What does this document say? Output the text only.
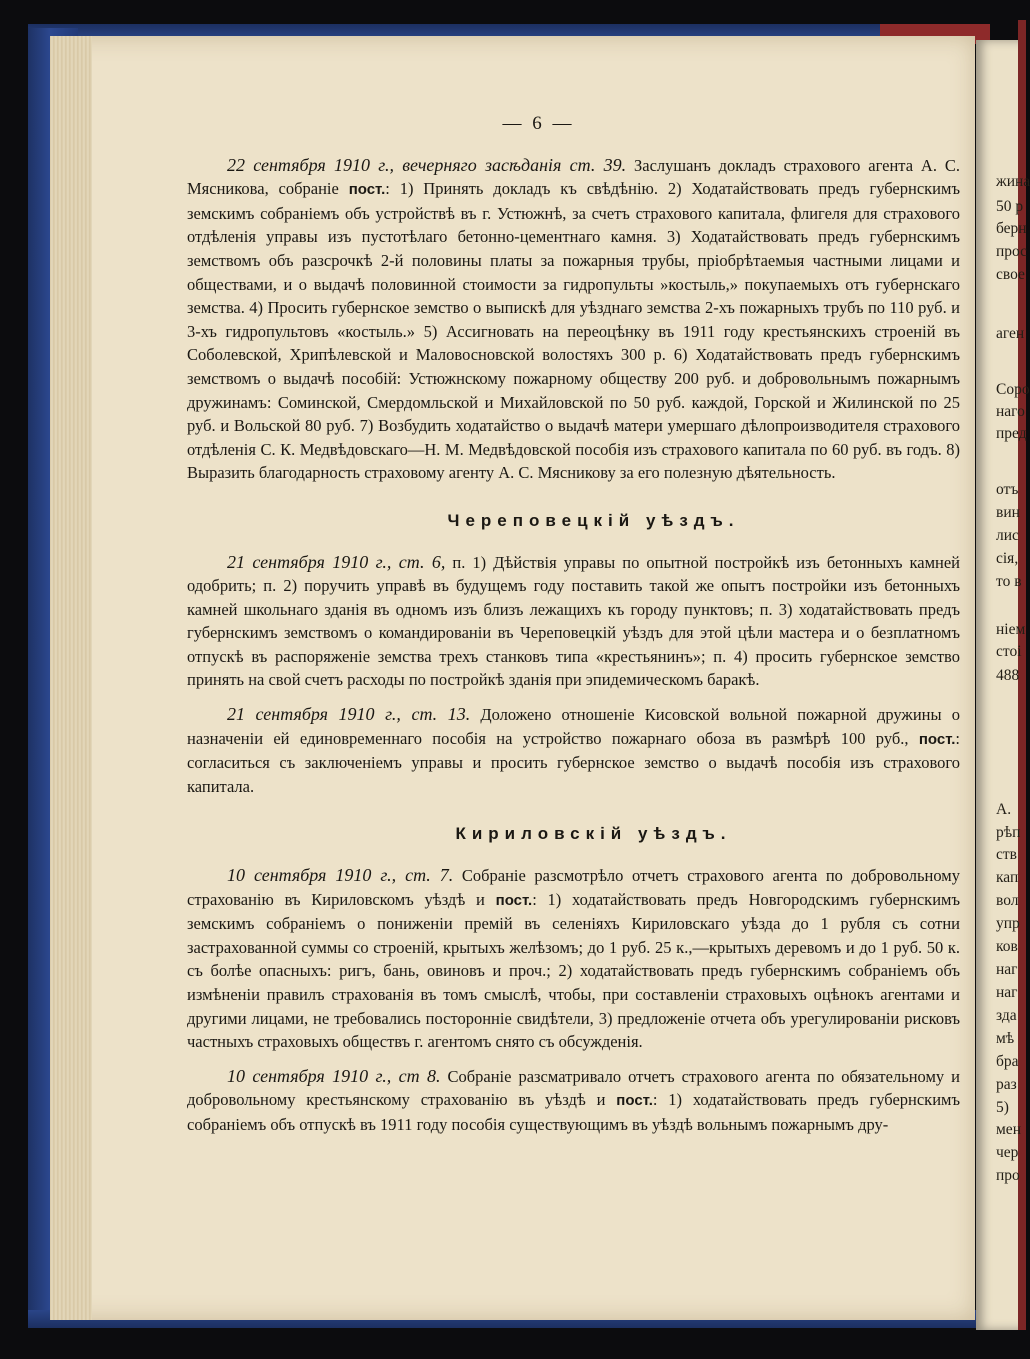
— 6 —

22 сентября 1910 г., вечерняго засѣданія ст. 39. Заслушанъ докладъ страхового агента А. С. Мясникова, собраніе пост.: 1) Принять докладъ къ свѣдѣнію. 2) Ходатайствовать предъ губернскимъ земскимъ собраніемъ объ устройствѣ въ г. Устюжнѣ, за счетъ страхового капитала, флигеля для страхового отдѣленія управы изъ пустотѣлаго бетонно-цементнаго камня. 3) Ходатайствовать предъ губернскимъ земствомъ объ разсрочкѣ 2-й половины платы за пожарныя трубы, пріобрѣтаемыя частными лицами и обществами, и о выдачѣ половинной стоимости за гидропульты »костыль,» покупаемыхъ отъ губернскаго земства. 4) Просить губернское земство о выпискѣ для уѣзднаго земства 2-хъ пожарныхъ трубъ по 110 руб. и 3-хъ гидропультовъ «костыль.» 5) Ассигновать на переоцѣнку въ 1911 году крестьянскихъ строеній въ Соболевской, Хрипѣлевской и Маловосновской волостяхъ 300 р. 6) Ходатайствовать предъ губернскимъ земствомъ о выдачѣ пособій: Устюжнскому пожарному обществу 200 руб. и добровольнымъ пожарнымъ дружинамъ: Соминской, Смердомльской и Михайловской по 50 руб. каждой, Горской и Жилинской по 25 руб. и Вольской 80 руб. 7) Возбудить ходатайство о выдачѣ матери умершаго дѣлопроизводителя страхового отдѣленія С. К. Медвѣдовскаго—Н. М. Медвѣдовской пособія изъ страхового капитала по 60 руб. въ годъ. 8) Выразить благодарность страховому агенту А. С. Мясникову за его полезную дѣятельность.

Череповецкій уѣздъ.

21 сентября 1910 г., ст. 6, п. 1) Дѣйствія управы по опытной постройкѣ изъ бетонныхъ камней одобрить; п. 2) поручить управѣ въ будущемъ году поставить такой же опытъ постройки изъ бетонныхъ камней школьнаго зданія въ одномъ изъ близъ лежащихъ къ городу пунктовъ; п. 3) ходатайствовать предъ губернскимъ земствомъ о командированіи въ Череповецкій уѣздъ для этой цѣли мастера и о безплатномъ отпускѣ въ распоряженіе земства трехъ станковъ типа «крестьянинъ»; п. 4) просить губернское земство принять на свой счетъ расходы по постройкѣ зданія при эпидемическомъ баракѣ.

21 сентября 1910 г., ст. 13. Доложено отношеніе Кисовской вольной пожарной дружины о назначеніи ей единовременнаго пособія на устройство пожарнаго обоза въ размѣрѣ 100 руб., пост.: согласиться съ заключеніемъ управы и просить губернское земство о выдачѣ пособія изъ страхового капитала.

Кириловскій уѣздъ.

10 сентября 1910 г., ст. 7. Собраніе разсмотрѣло отчетъ страхового агента по добровольному страхованію въ Кириловскомъ уѣздѣ и пост.: 1) ходатайствовать предъ Новгородскимъ губернскимъ земскимъ собраніемъ о пониженіи премій въ селеніяхъ Кириловскаго уѣзда до 1 рубля съ сотни застрахованной суммы со строеній, крытыхъ желѣзомъ; до 1 руб. 25 к.,—крытыхъ деревомъ и до 1 руб. 50 к. съ болѣе опасныхъ: ригъ, бань, овиновъ и проч.; 2) ходатайствовать предъ губернскимъ собраніемъ объ измѣненіи правилъ страхованія въ томъ смыслѣ, чтобы, при составленіи страховыхъ оцѣнокъ агентами и другими лицами, не требовались посторонніе свидѣтели, 3) предложеніе отчета объ урегулированіи рисковъ частныхъ страховыхъ обществъ г. агентомъ снято съ обсужденія.

10 сентября 1910 г., ст 8. Собраніе разсматривало отчетъ страхового агента по обязательному и добровольному крестьянскому страхованію въ уѣздѣ и пост.: 1) ходатайствовать предъ губернскимъ собраніемъ объ отпускѣ въ 1911 году пособія существующимъ въ уѣздѣ вольнымъ пожарнымъ дру-

жина
50 р
берн
прос
свое
аген
Соро
наго
пред
отъ
вин
лис
сія,
то в
ніем
стоі
488
А.
рѣп
ств
кап
вол
упр
ков
наг
наг
зда
мѣ
бра
раз
5)
мен
чер
про
